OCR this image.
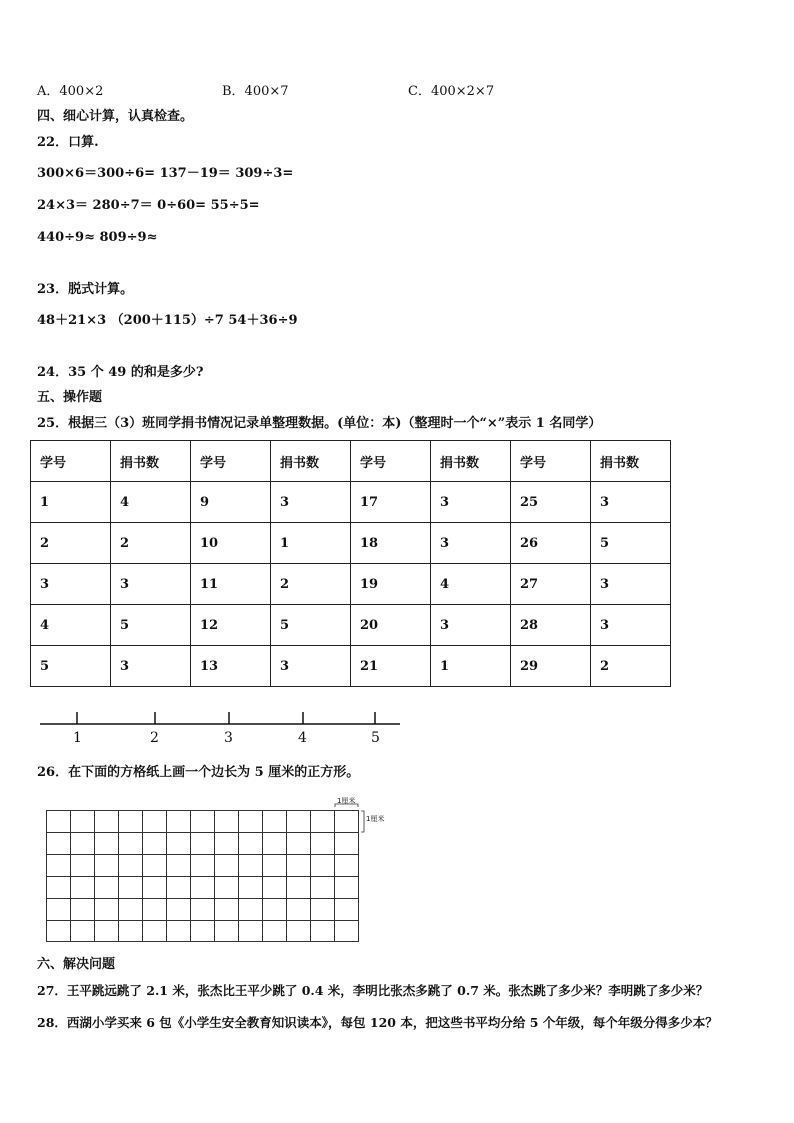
A．400×2	B．400×7	C．400×2×7
四、细心计算，认真检查。
22．口算.
300×6＝300÷6= 137－19＝ 309÷3=
24×3＝ 280÷7＝ 0÷60= 55÷5=
440÷9≈ 809÷9≈
23．脱式计算。
48＋21×3 （200＋115）÷7 54＋36÷9
24．35 个 49 的和是多少?
五、操作题
25．根据三（3）班同学捐书情况记录单整理数据。(单位：本)（整理时一个“×”表示 1 名同学）
学号	捐书数	学号	捐书数	学号	捐书数	学号	捐书数
1	4	9	3	17	3	25	3
2	2	10	1	18	3	26	5
3	3	11	2	19	4	27	3
4	5	12	5	20	3	28	3
5	3	13	3	21	1	29	2
1	2	3	4	5
26．在下面的方格纸上画一个边长为 5 厘米的正方形。
1厘米
1厘米
六、解决问题
27．王平跳远跳了 2.1 米，张杰比王平少跳了 0.4 米，李明比张杰多跳了 0.7 米。张杰跳了多少米？李明跳了多少米？
28．西湖小学买来 6 包《小学生安全教育知识读本》，每包 120 本，把这些书平均分给 5 个年级，每个年级分得多少本？
